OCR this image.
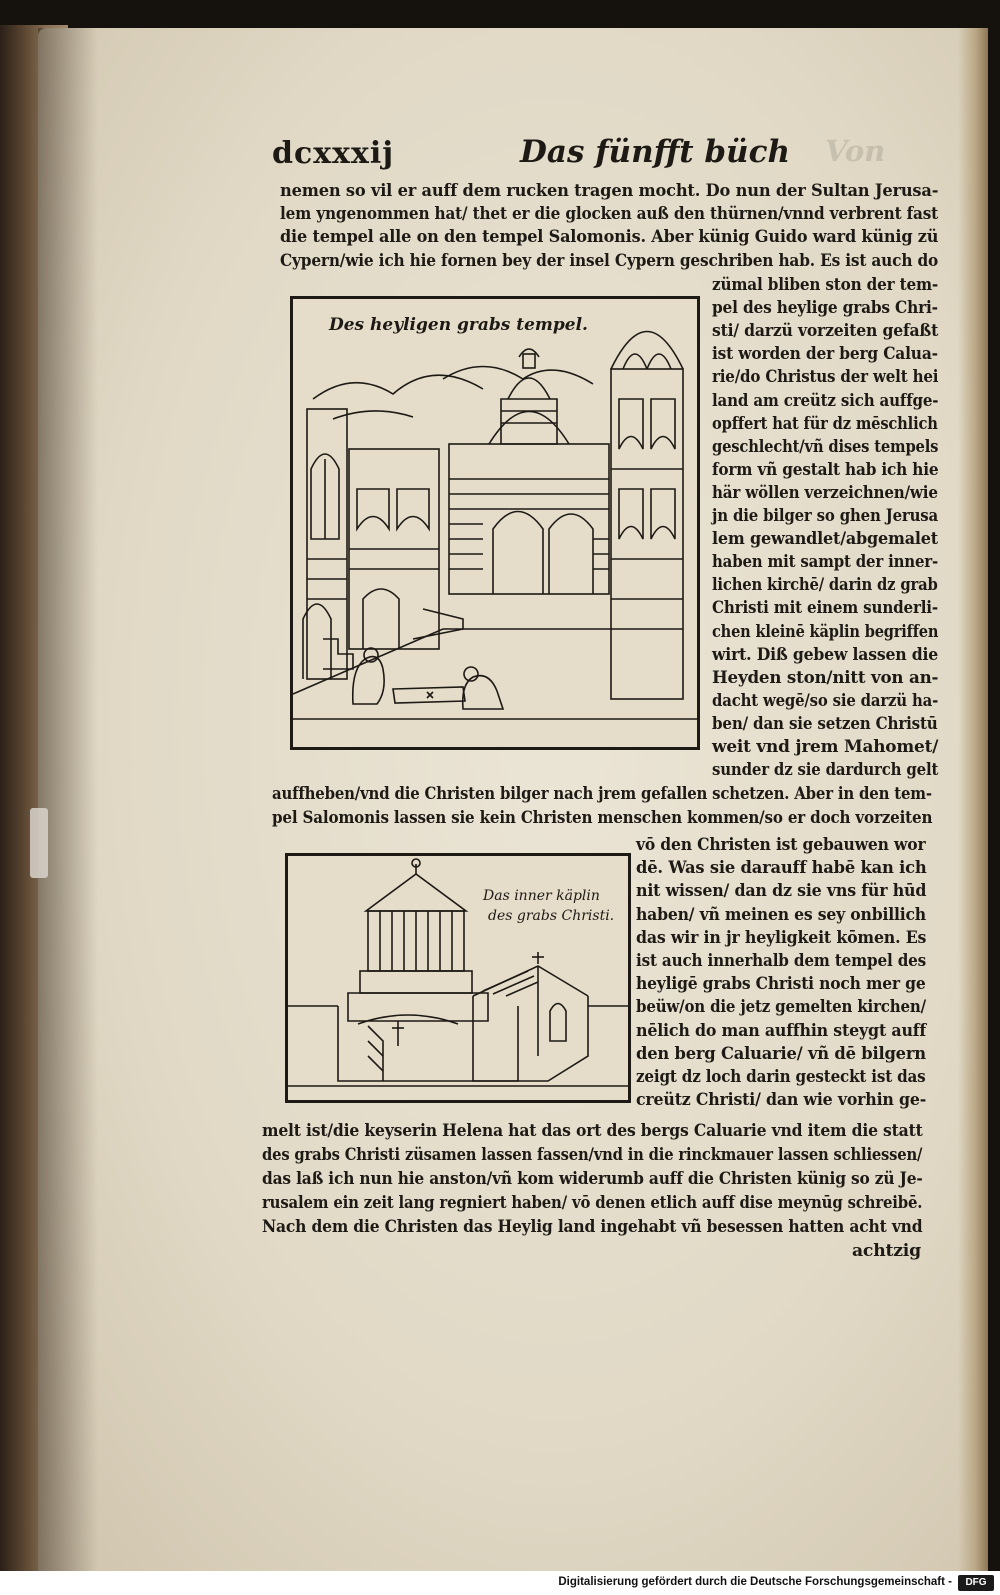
Von
dcxxxij	Das fünfft büch
nemen so vil er auff dem rucken tragen mocht. Do nun der Sultan Jerusa-
lem yngenommen hat/ thet er die glocken auß den thürnen/vnnd verbrent fast
die tempel alle on den tempel Salomonis. Aber künig Guido ward künig zü
Cypern/wie ich hie fornen bey der insel Cypern geschriben hab. Es ist auch do
zümal bliben ston der tem-
pel des heylige grabs Chri-
sti/ darzü vorzeiten gefaßt
ist worden der berg Calua-
rie/do Christus der welt hei
land am creütz sich auffge-
opffert hat für dz mēschlich
geschlecht/vñ dises tempels
form vñ gestalt hab ich hie
här wöllen verzeichnen/wie
jn die bilger so ghen Jerusa
lem gewandlet/abgemalet
haben mit sampt der inner-
lichen kirchē/ darin dz grab
Christi mit einem sunderli-
chen kleinē käplin begriffen
wirt. Diß gebew lassen die
Heyden ston/nitt von an-
dacht wegē/so sie darzü ha-
ben/ dan sie setzen Christū
weit vnd jrem Mahomet/
sunder dz sie dardurch gelt
auffheben/vnd die Christen bilger nach jrem gefallen schetzen. Aber in den tem-
pel Salomonis lassen sie kein Christen menschen kommen/so er doch vorzeiten
vō den Christen ist gebauwen wor
dē. Was sie darauff habē kan ich
nit wissen/ dan dz sie vns für hūd
haben/ vñ meinen es sey onbillich
das wir in jr heyligkeit kōmen. Es
ist auch innerhalb dem tempel des
heyligē grabs Christi noch mer ge
beüw/on die jetz gemelten kirchen/
nēlich do man auffhin steygt auff
den berg Caluarie/ vñ dē bilgern
zeigt dz loch darin gesteckt ist das
creütz Christi/ dan wie vorhin ge-
melt ist/die keyserin Helena hat das ort des bergs Caluarie vnd item die statt
des grabs Christi züsamen lassen fassen/vnd in die rinckmauer lassen schliessen/
das laß ich nun hie anston/vñ kom widerumb auff die Christen künig so zü Je-
rusalem ein zeit lang regniert haben/ vō denen etlich auff dise meynūg schreibē.
Nach dem die Christen das Heylig land ingehabt vñ besessen hatten acht vnd
achtzig
Des heyligen grabs tempel.
Das inner käplin
des grabs Christi.
Digitalisierung gefördert durch die Deutsche Forschungsgemeinschaft -	DFG
